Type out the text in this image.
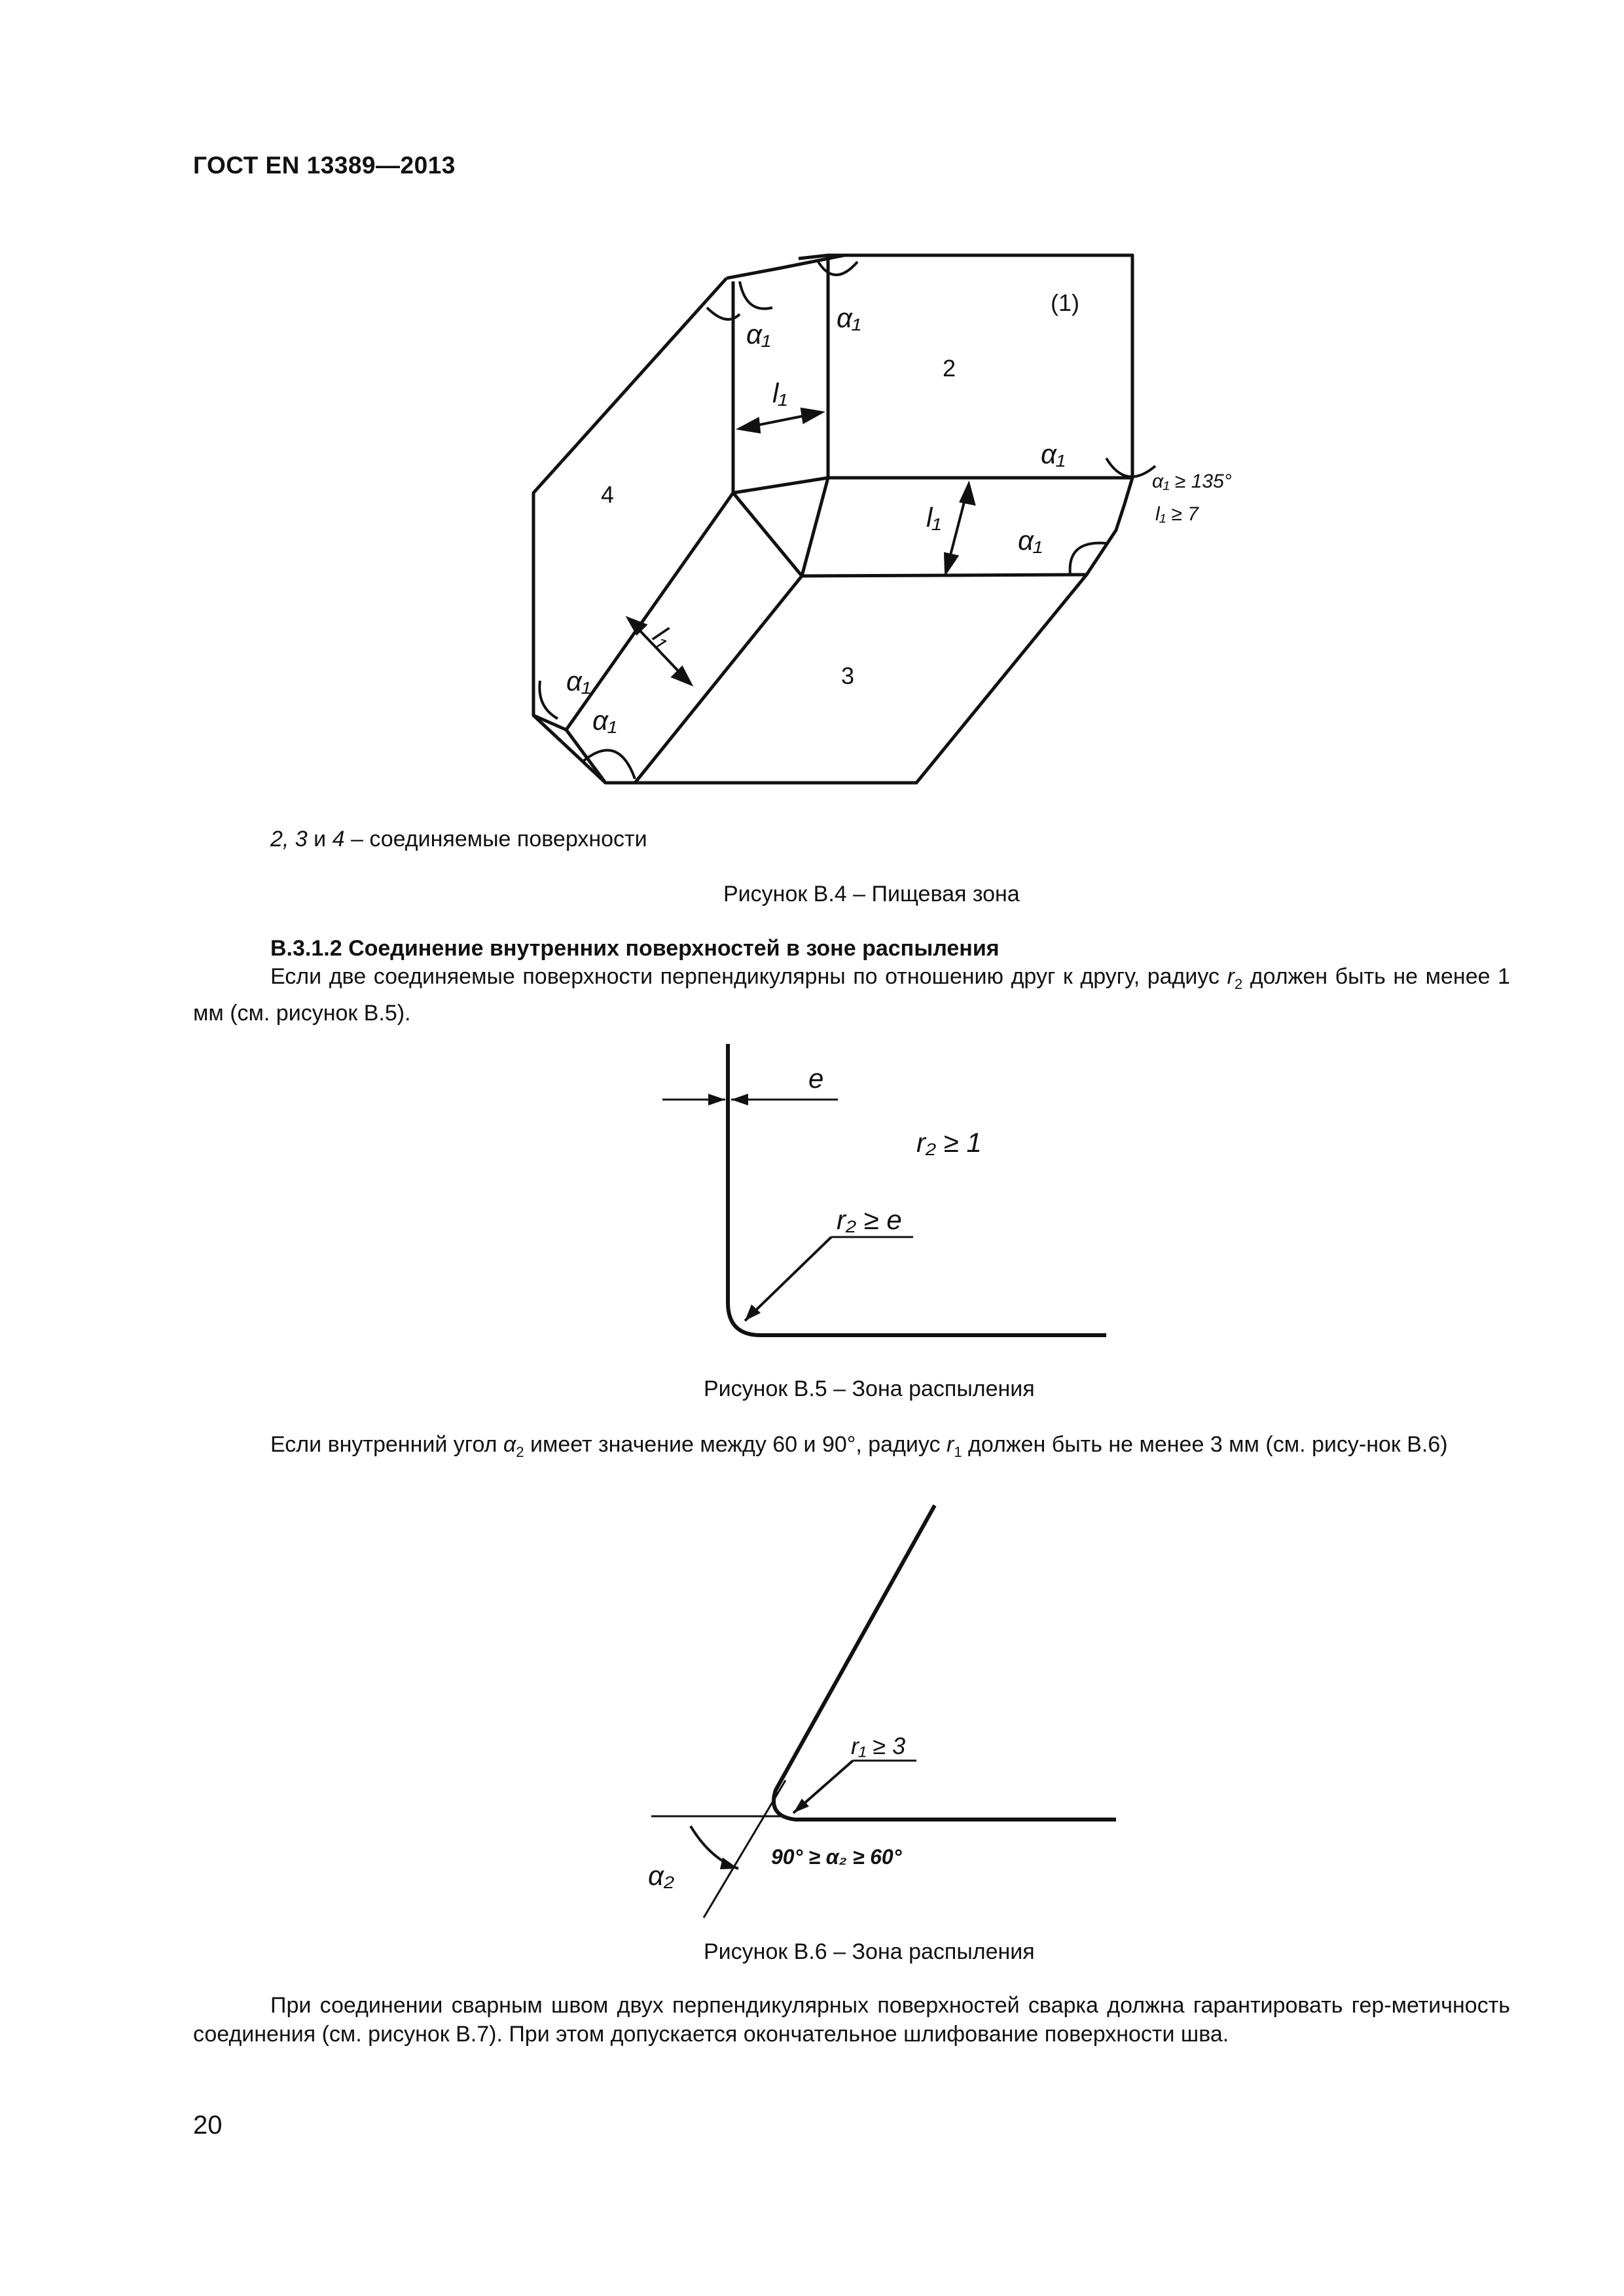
ГОСТ EN 13389—2013
(1)
2
3
4
α₁
α₁
α₁
α₁
α₁
α₁
l₁
l₁
l₁
α₁ ≥ 135°
l₁ ≥ 7
2, 3 и 4 – соединяемые поверхности
Рисунок В.4 – Пищевая зона
В.3.1.2 Соединение внутренних поверхностей в зоне распыления
Если две соединяемые поверхности перпендикулярны по отношению друг к другу, радиус $r_2$ должен быть не менее 1 мм (см. рисунок В.5).
e
r₂ ≥ 1
r₂ ≥ e
Рисунок В.5 – Зона распыления
Если внутренний угол $\alpha_2$ имеет значение между 60 и 90°, радиус $r_1$ должен быть не менее 3 мм (см. рису-нок В.6)
r₁ ≥ 3
α₂
90° ≥ α₂ ≥ 60°
Рисунок В.6 – Зона распыления
При соединении сварным швом двух перпендикулярных поверхностей сварка должна гарантировать гер-метичность соединения (см. рисунок В.7). При этом допускается окончательное шлифование поверхности шва.
20
